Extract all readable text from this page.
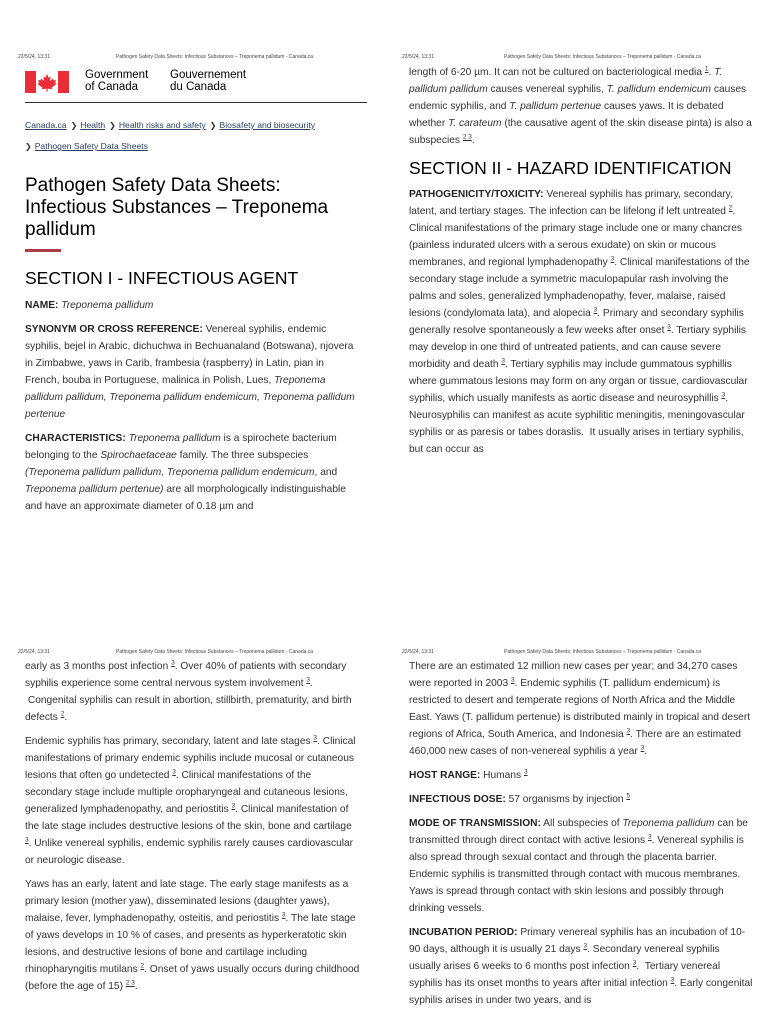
22/5/24, 13:31	Pathogen Safety Data Sheets: Infectious Substances – Treponema pallidum - Canada.ca
Government
of Canada
Gouvernement
du Canada
Canada.ca ❯ Health ❯ Health risks and safety ❯ Biosafety and biosecurity
❯ Pathogen Safety Data Sheets
Pathogen Safety Data Sheets: Infectious Substances – Treponema pallidum
SECTION I - INFECTIOUS AGENT

NAME: Treponema pallidum

SYNONYM OR CROSS REFERENCE: Venereal syphilis, endemic syphilis, bejel in Arabic, dichuchwa in Bechuanaland (Botswana), njovera in Zimbabwe, yaws in Carib, frambesia (raspberry) in Latin, pian in French, bouba in Portuguese, malinica in Polish, Lues, Treponema pallidum pallidum, Treponema pallidum endemicum, Treponema pallidum pertenue

CHARACTERISTICS: Treponema pallidum is a spirochete bacterium belonging to the Spirochaetaceae family. The three subspecies (Treponema pallidum pallidum, Treponema pallidum endemicum, and Treponema pallidum pertenue) are all morphologically indistinguishable and have an approximate diameter of 0.18 µm and

22/5/24, 13:31	Pathogen Safety Data Sheets: Infectious Substances – Treponema pallidum - Canada.ca

length of 6-20 µm. It can not be cultured on bacteriological media $^1$. T. pallidum pallidum causes venereal syphilis, T. pallidum endemicum causes endemic syphilis, and T. pallidum pertenue causes yaws. It is debated whether T. carateum (the causative agent of the skin disease pinta) is also a subspecies $^{2 3}$.

SECTION II - HAZARD IDENTIFICATION

PATHOGENICITY/TOXICITY: Venereal syphilis has primary, secondary, latent, and tertiary stages. The infection can be lifelong if left untreated $^2$. Clinical manifestations of the primary stage include one or many chancres (painless indurated ulcers with a serous exudate) on skin or mucous membranes, and regional lymphadenopathy $^3$. Clinical manifestations of the secondary stage include a symmetric maculopapular rash involving the palms and soles, generalized lymphadenopathy, fever, malaise, raised lesions (condylomata lata), and alopecia $^3$. Primary and secondary syphilis generally resolve spontaneously a few weeks after onset $^3$. Tertiary syphilis may develop in one third of untreated patients, and can cause severe morbidity and death $^3$. Tertiary syphilis may include gummatous syphillis where gummatous lesions may form on any organ or tissue, cardiovascular syphilis, which usually manifests as aortic disease and neurosyphillis $^3$. Neurosyphilis can manifest as acute syphilitic meningitis, meningovascular syphilis or as paresis or tabes doraslis.  It usually arises in tertiary syphilis, but can occur as

22/5/24, 13:31	Pathogen Safety Data Sheets: Infectious Substances – Treponema pallidum - Canada.ca

early as 3 months post infection $^3$. Over 40% of patients with secondary syphilis experience some central nervous system involvement $^3$.  Congenital syphilis can result in abortion, stillbirth, prematurity, and birth defects $^2$.

Endemic syphilis has primary, secondary, latent and late stages $^3$. Clinical manifestations of primary endemic syphilis include mucosal or cutaneous lesions that often go undetected $^3$. Clinical manifestations of the secondary stage include multiple oropharyngeal and cutaneous lesions, generalized lymphadenopathy, and periostitis $^3$. Clinical manifestation of the late stage includes destructive lesions of the skin, bone and cartilage $^3$. Unlike venereal syphilis, endemic syphilis rarely causes cardiovascular or neurologic disease.

Yaws has an early, latent and late stage. The early stage manifests as a primary lesion (mother yaw), disseminated lesions (daughter yaws), malaise, fever, lymphadenopathy, osteitis, and periostitis $^3$. The late stage of yaws develops in 10 % of cases, and presents as hyperkeratotic skin lesions, and destructive lesions of bone and cartilage including rhinopharyngitis mutilans $^2$. Onset of yaws usually occurs during childhood (before the age of 15) $^{2 3}$.

22/5/24, 13:31	Pathogen Safety Data Sheets: Infectious Substances – Treponema pallidum - Canada.ca

There are an estimated 12 million new cases per year; and 34,270 cases were reported in 2003 $^3$. Endemic syphilis (T. pallidum endemicum) is restricted to desert and temperate regions of North Africa and the Middle East. Yaws (T. pallidum pertenue) is distributed mainly in tropical and desert regions of Africa, South America, and Indonesia $^3$. There are an estimated 460,000 new cases of non-venereal syphilis a year $^3$.

HOST RANGE: Humans $^3$

INFECTIOUS DOSE: 57 organisms by injection $^5$

MODE OF TRANSMISSION: All subspecies of Treponema pallidum can be transmitted through direct contact with active lesions $^3$. Venereal syphilis is also spread through sexual contact and through the placenta barrier. Endemic syphilis is transmitted through contact with mucous membranes. Yaws is spread through contact with skin lesions and possibly through drinking vessels.

INCUBATION PERIOD: Primary venereal syphilis has an incubation of 10-90 days, although it is usually 21 days $^3$. Secondary venereal syphilis usually arises 6 weeks to 6 months post infection $^3$.  Tertiary venereal syphilis has its onset months to years after initial infection $^3$. Early congenital syphilis arises in under two years, and is
